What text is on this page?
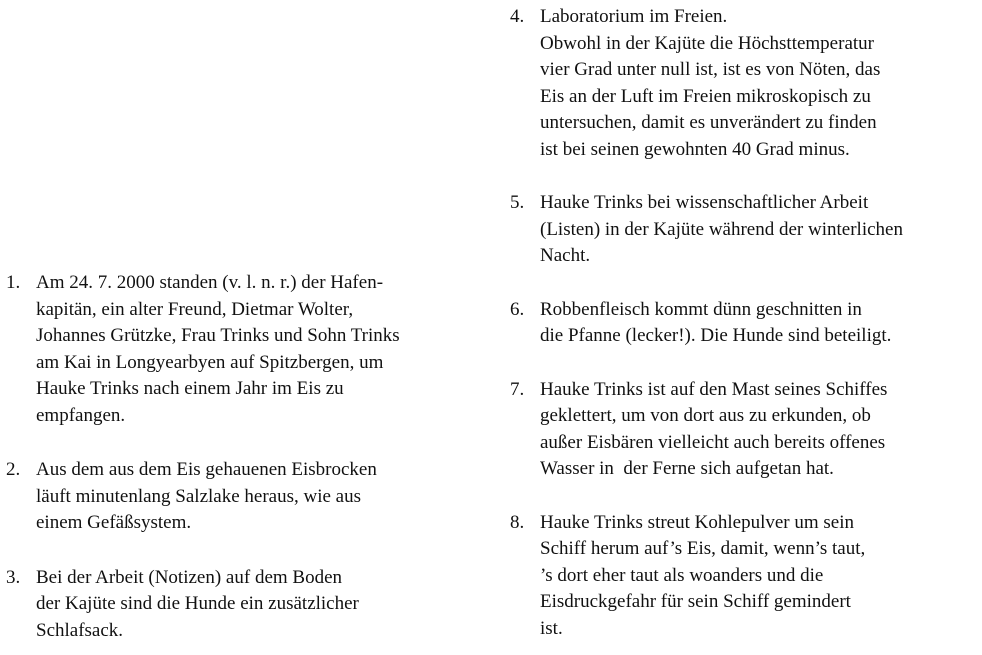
1. Am 24. 7. 2000 standen (v. l. n. r.) der Hafen-
kapitän, ein alter Freund, Dietmar Wolter,
Johannes Grützke, Frau Trinks und Sohn Trinks
am Kai in Longyearbyen auf Spitzbergen, um
Hauke Trinks nach einem Jahr im Eis zu
empfangen.
2. Aus dem aus dem Eis gehauenen Eisbrocken
läuft minutenlang Salzlake heraus, wie aus
einem Gefäßsystem.
3. Bei der Arbeit (Notizen) auf dem Boden
der Kajüte sind die Hunde ein zusätzlicher
Schlafsack.
4. Laboratorium im Freien.
Obwohl in der Kajüte die Höchsttemperatur
vier Grad unter null ist, ist es von Nöten, das
Eis an der Luft im Freien mikroskopisch zu
untersuchen, damit es unverändert zu finden
ist bei seinen gewohnten 40 Grad minus.
5. Hauke Trinks bei wissenschaftlicher Arbeit
(Listen) in der Kajüte während der winterlichen
Nacht.
6. Robbenfleisch kommt dünn geschnitten in
die Pfanne (lecker!). Die Hunde sind beteiligt.
7. Hauke Trinks ist auf den Mast seines Schiffes
geklettert, um von dort aus zu erkunden, ob
außer Eisbären vielleicht auch bereits offenes
Wasser in  der Ferne sich aufgetan hat.
8. Hauke Trinks streut Kohlepulver um sein
Schiff herum auf’s Eis, damit, wenn’s taut,
’s dort eher taut als woanders und die
Eisdruckgefahr für sein Schiff gemindert
ist.
